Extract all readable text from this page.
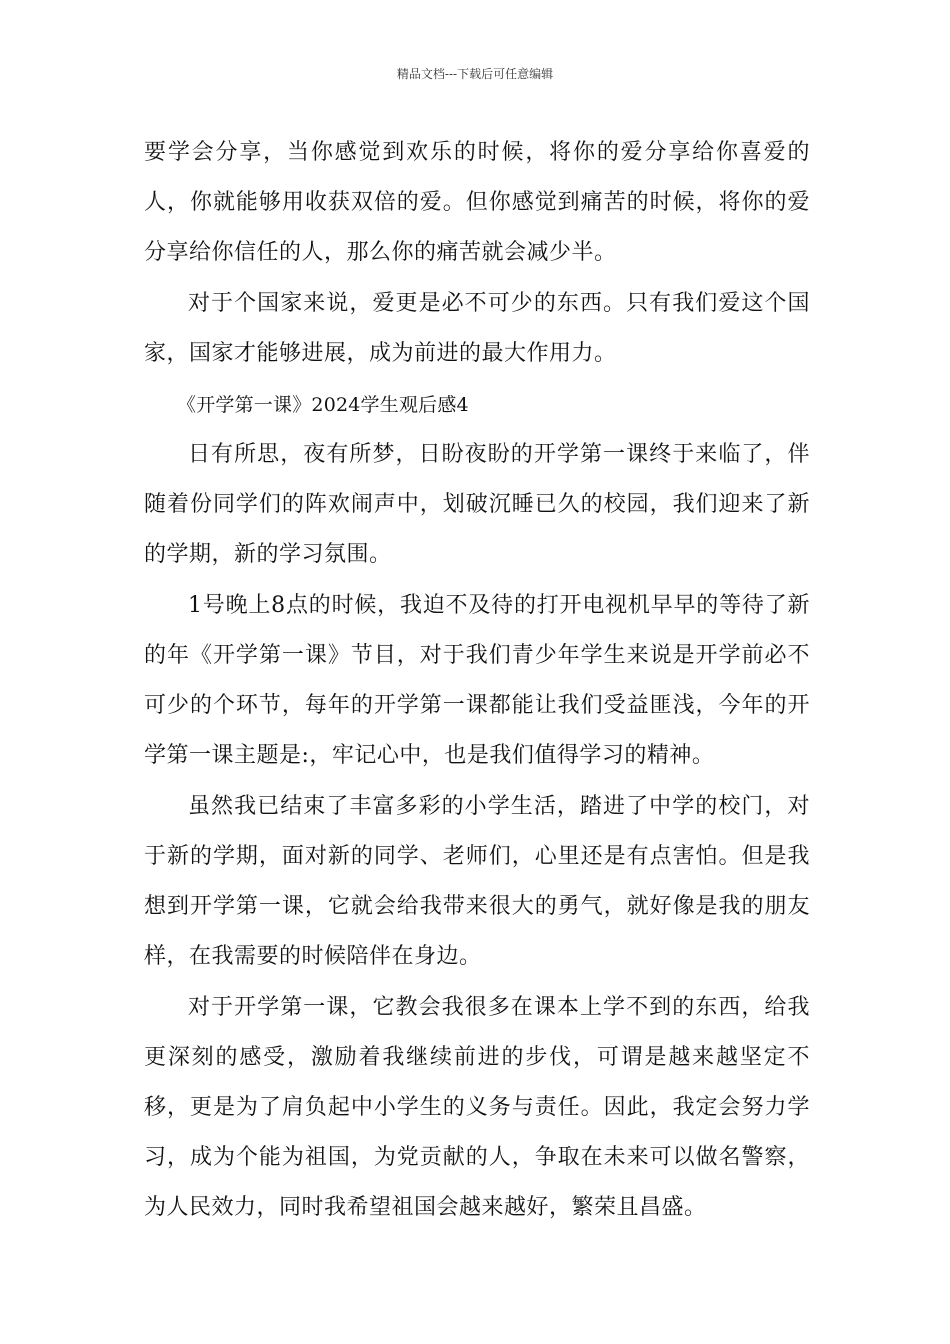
精品文档---下载后可任意编辑

要学会分享，当你感觉到欢乐的时候，将你的爱分享给你喜爱的人，你就能够用收获双倍的爱。但你感觉到痛苦的时候，将你的爱分享给你信任的人，那么你的痛苦就会减少半。

对于个国家来说，爱更是必不可少的东西。只有我们爱这个国家，国家才能够进展，成为前进的最大作用力。

《开学第一课》2024学生观后感4

日有所思，夜有所梦，日盼夜盼的开学第一课终于来临了，伴随着份同学们的阵欢闹声中，划破沉睡已久的校园，我们迎来了新的学期，新的学习氛围。

1号晚上8点的时候，我迫不及待的打开电视机早早的等待了新的年《开学第一课》节目，对于我们青少年学生来说是开学前必不可少的个环节，每年的开学第一课都能让我们受益匪浅，今年的开学第一课主题是:，牢记心中，也是我们值得学习的精神。

虽然我已结束了丰富多彩的小学生活，踏进了中学的校门，对于新的学期，面对新的同学、老师们，心里还是有点害怕。但是我想到开学第一课，它就会给我带来很大的勇气，就好像是我的朋友样，在我需要的时候陪伴在身边。

对于开学第一课，它教会我很多在课本上学不到的东西，给我更深刻的感受，激励着我继续前进的步伐，可谓是越来越坚定不移，更是为了肩负起中小学生的义务与责任。因此，我定会努力学习，成为个能为祖国，为党贡献的人，争取在未来可以做名警察，为人民效力，同时我希望祖国会越来越好，繁荣且昌盛。
